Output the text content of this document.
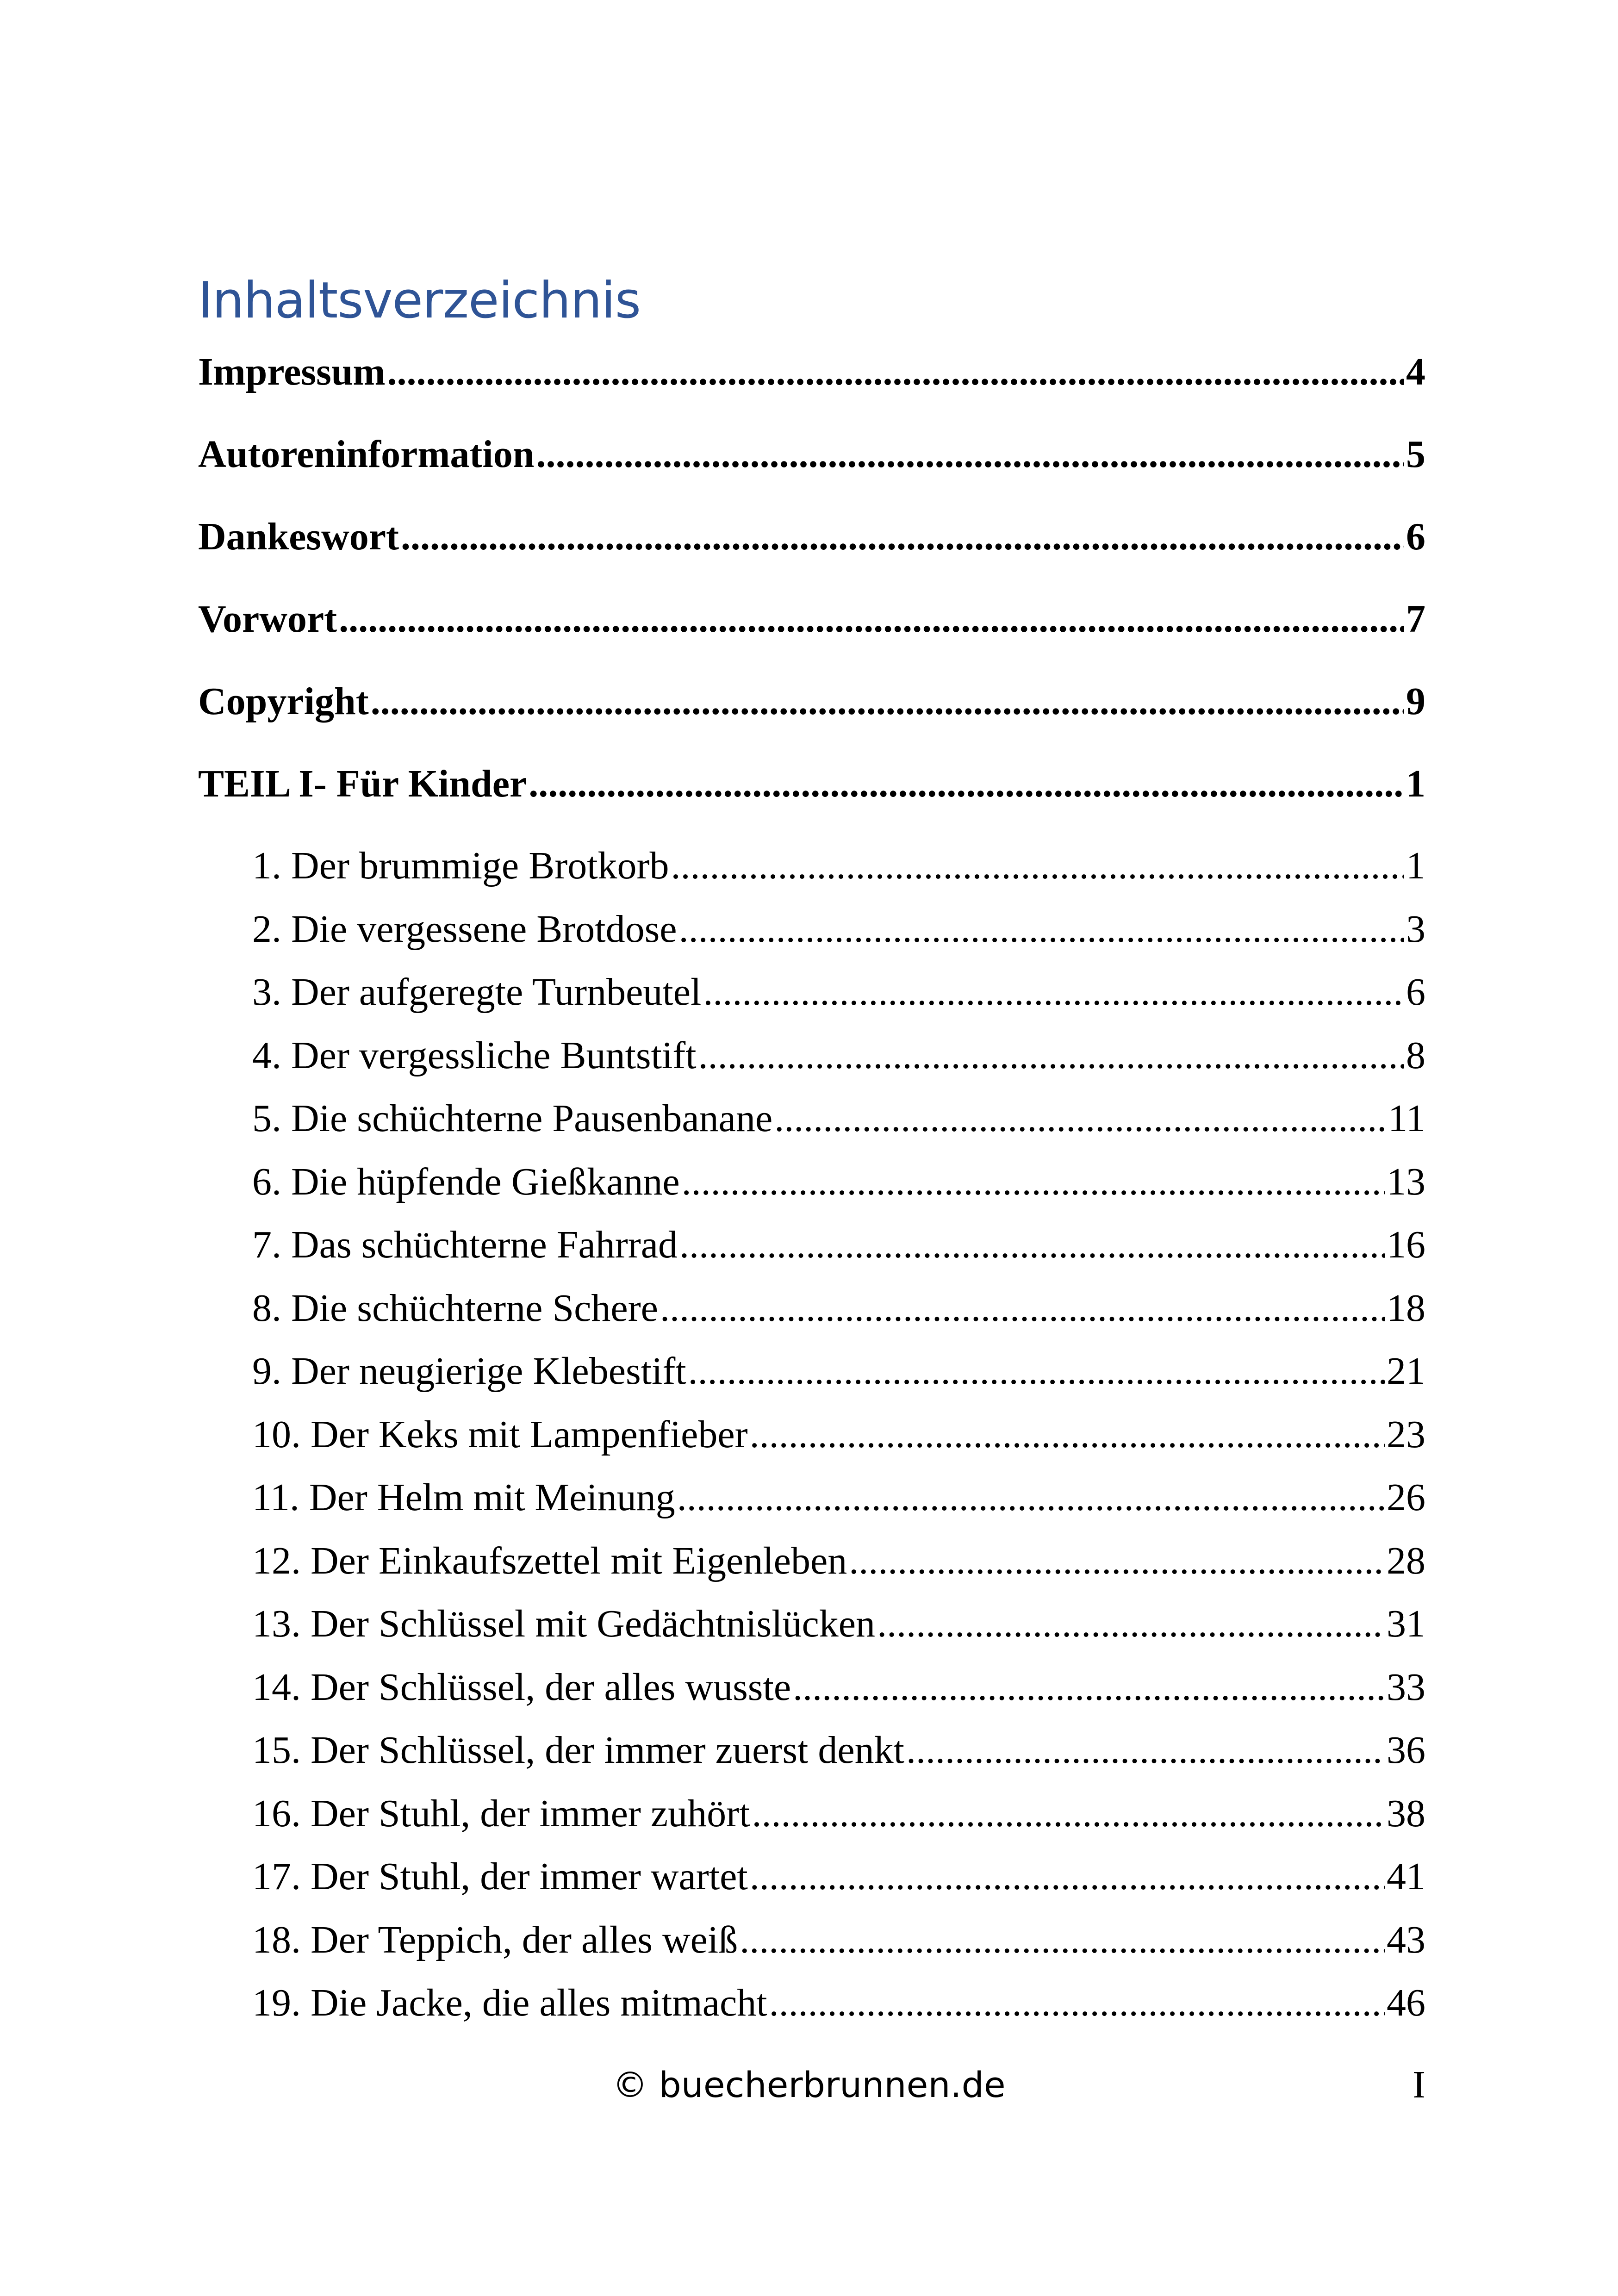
Inhaltsverzeichnis
Impressum .....	4
Autoreninformation .....	5
Dankeswort .....	6
Vorwort .....	7
Copyright .....	9
TEIL I- Für Kinder .....	1
1. Der brummige Brotkorb .....	1
2. Die vergessene Brotdose .....	3
3. Der aufgeregte Turnbeutel .....	6
4. Der vergessliche Buntstift .....	8
5. Die schüchterne Pausenbanane .....	11
6. Die hüpfende Gießkanne .....	13
7. Das schüchterne Fahrrad .....	16
8. Die schüchterne Schere .....	18
9. Der neugierige Klebestift .....	21
10. Der Keks mit Lampenfieber .....	23
11. Der Helm mit Meinung .....	26
12. Der Einkaufszettel mit Eigenleben .....	28
13. Der Schlüssel mit Gedächtnislücken .....	31
14. Der Schlüssel, der alles wusste .....	33
15. Der Schlüssel, der immer zuerst denkt .....	36
16. Der Stuhl, der immer zuhört .....	38
17. Der Stuhl, der immer wartet .....	41
18. Der Teppich, der alles weiß .....	43
19. Die Jacke, die alles mitmacht .....	46
© buecherbrunnen.de	I
